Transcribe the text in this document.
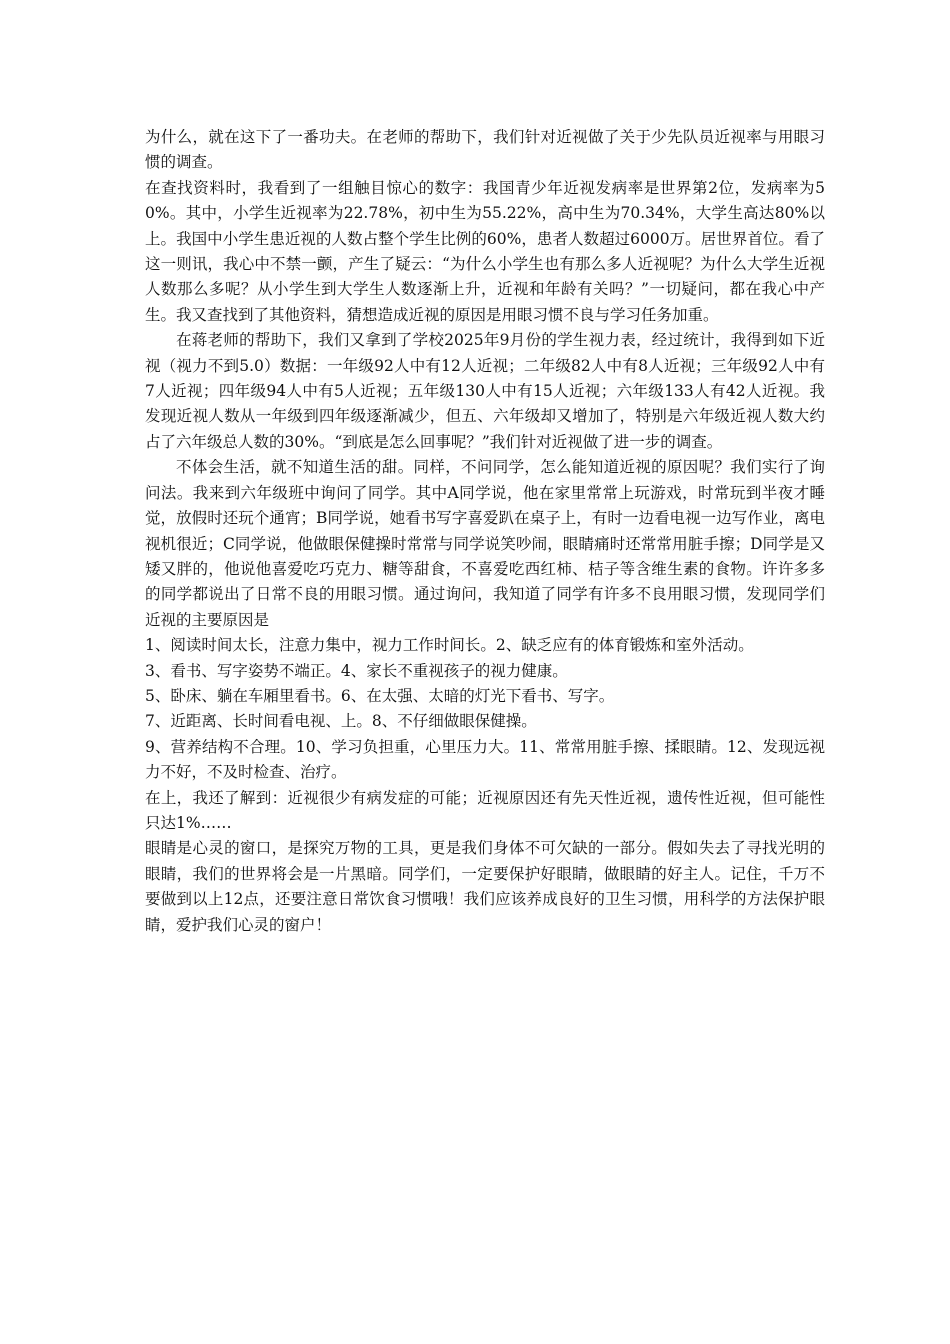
为什么，就在这下了一番功夫。在老师的帮助下，我们针对近视做了关于少先队员近视率与用眼习惯的调查。

在查找资料时，我看到了一组触目惊心的数字：我国青少年近视发病率是世界第2位，发病率为50%。其中，小学生近视率为22.78%，初中生为55.22%，高中生为70.34%，大学生高达80%以上。我国中小学生患近视的人数占整个学生比例的60%，患者人数超过6000万。居世界首位。看了这一则讯，我心中不禁一颤，产生了疑云：“为什么小学生也有那么多人近视呢？为什么大学生近视人数那么多呢？从小学生到大学生人数逐渐上升，近视和年龄有关吗？”一切疑问，都在我心中产生。我又查找到了其他资料，猜想造成近视的原因是用眼习惯不良与学习任务加重。

在蒋老师的帮助下，我们又拿到了学校2025年9月份的学生视力表，经过统计，我得到如下近视（视力不到5.0）数据：一年级92人中有12人近视；二年级82人中有8人近视；三年级92人中有7人近视；四年级94人中有5人近视；五年级130人中有15人近视；六年级133人有42人近视。我发现近视人数从一年级到四年级逐渐减少，但五、六年级却又增加了，特别是六年级近视人数大约占了六年级总人数的30%。“到底是怎么回事呢？”我们针对近视做了进一步的调查。

不体会生活，就不知道生活的甜。同样，不问同学，怎么能知道近视的原因呢？我们实行了询问法。我来到六年级班中询问了同学。其中A同学说，他在家里常常上玩游戏，时常玩到半夜才睡觉，放假时还玩个通宵；B同学说，她看书写字喜爱趴在桌子上，有时一边看电视一边写作业，离电视机很近；C同学说，他做眼保健操时常常与同学说笑吵闹，眼睛痛时还常常用脏手擦；D同学是又矮又胖的，他说他喜爱吃巧克力、糖等甜食，不喜爱吃西红柿、桔子等含维生素的食物。许许多多的同学都说出了日常不良的用眼习惯。通过询问，我知道了同学有许多不良用眼习惯，发现同学们近视的主要原因是

1、阅读时间太长，注意力集中，视力工作时间长。2、缺乏应有的体育锻炼和室外活动。

3、看书、写字姿势不端正。4、家长不重视孩子的视力健康。

5、卧床、躺在车厢里看书。6、在太强、太暗的灯光下看书、写字。

7、近距离、长时间看电视、上。8、不仔细做眼保健操。

9、营养结构不合理。10、学习负担重，心里压力大。11、常常用脏手擦、揉眼睛。12、发现远视力不好，不及时检查、治疗。

在上，我还了解到：近视很少有病发症的可能；近视原因还有先天性近视，遗传性近视，但可能性只达1%……

眼睛是心灵的窗口，是探究万物的工具，更是我们身体不可欠缺的一部分。假如失去了寻找光明的眼睛，我们的世界将会是一片黑暗。同学们，一定要保护好眼睛，做眼睛的好主人。记住，千万不要做到以上12点，还要注意日常饮食习惯哦！我们应该养成良好的卫生习惯，用科学的方法保护眼睛，爱护我们心灵的窗户！
